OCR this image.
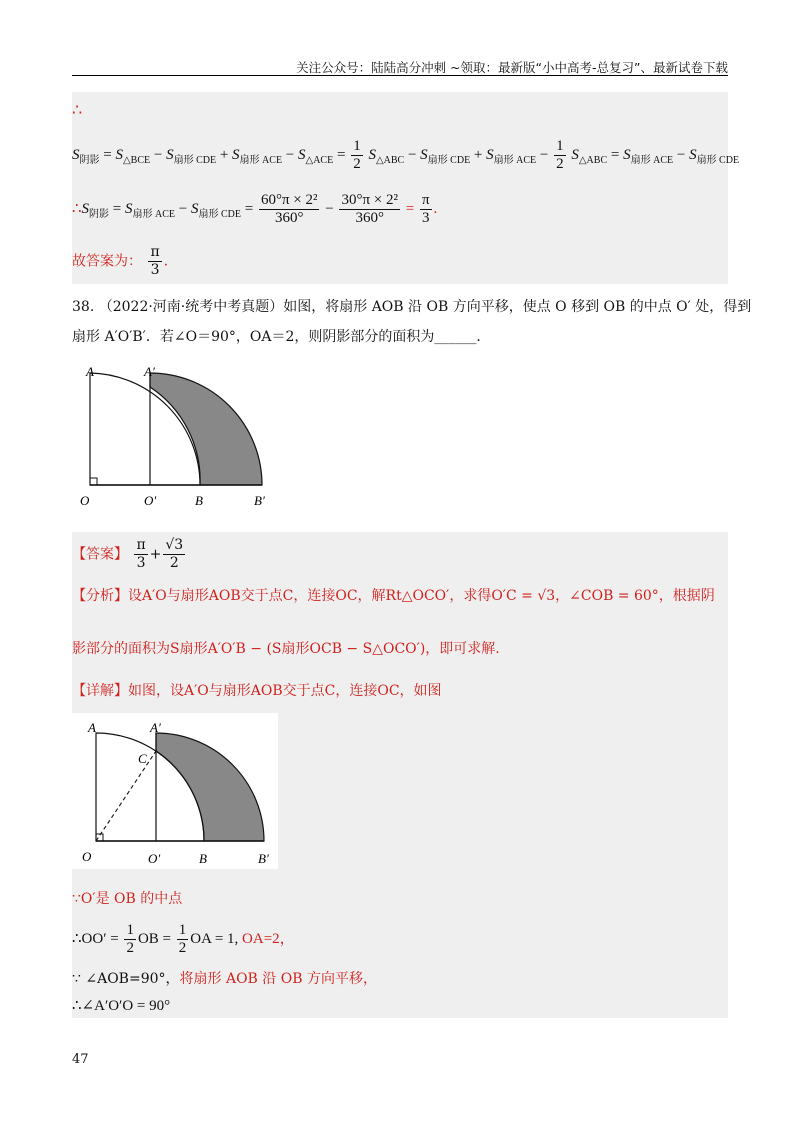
关注公众号：陆陆高分冲刺 ~领取：最新版“小中高考-总复习”、最新试卷下载
∴
$S_{阴影} = S_{\triangle BCE} - S_{扇形 CDE} + S_{扇形 ACE} - S_{\triangle ACE} = \frac{1}{2} S_{\triangle ABC} - S_{扇形 CDE} + S_{扇形 ACE} - \frac{1}{2} S_{\triangle ABC} = S_{扇形 ACE} - S_{扇形 CDE}$
$\therefore S_{阴影} = S_{扇形 ACE} - S_{扇形 CDE} = \frac{\text{60°π × 2²}}{360^\circ} - \frac{\text{30°π × 2²}}{360^\circ} = \frac{\pi}{3}$ .
故答案为： $\frac{\pi}{3}$ .
38. （2022·河南·统考中考真题）如图，将扇形 AOB 沿 OB 方向平移，使点 O 移到 OB 的中点 O′ 处，得到
扇形 A′O′B′．若∠O＝90°，OA＝2，则阴影部分的面积为______．
A	A′
O	O′	B	B′
【答案】 $\frac{\pi}{3} + \frac{√3}{2}$
【分析】设A′O与扇形AOB交于点C，连接OC，解Rt△OCO′，求得O′C = √3，∠COB = 60°，根据阴
影部分的面积为S扇形A′O′B − (S扇形OCB − S△OCO′)，即可求解.
【详解】如图，设A′O与扇形AOB交于点C，连接OC，如图
A	A′
C
O	O′	B	B′
∵O′是 OB 的中点
∴OO′ = $\frac{1}{2}$ OB = $\frac{1}{2}$ OA = 1, OA=2，
∵ ∠AOB=90°，将扇形 AOB 沿 OB 方向平移，
∴∠A′O′O = 90°
47
